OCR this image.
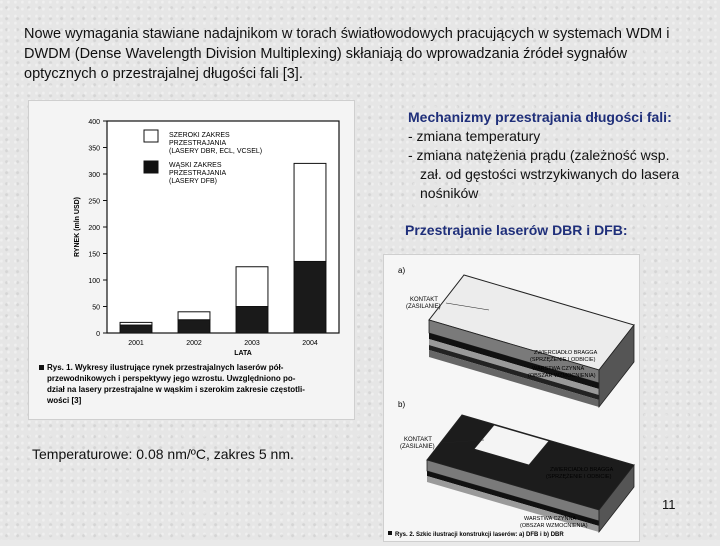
Nowe wymagania stawiane nadajnikom w torach światłowodowych pracujących w systemach WDM i DWDM (Dense Wavelength Division Multiplexing) skłaniają do wprowadzania źródeł sygnałów optycznych o przestrajalnej długości fali [3].
0
50
100
150
200
250
300
350
400
RYNEK (mln USD)
LATA
2001	2002	2003	2004
SZEROKI ZAKRES
PRZESTRAJANIA
(LASERY DBR, ECL, VCSEL)
WĄSKI ZAKRES
PRZESTRAJANIA
(LASERY DFB)
Rys. 1. Wykresy ilustrujące rynek przestrajalnych laserów pół-
przewodnikowych i perspektywy jego wzrostu. Uwzględniono po-
dział na lasery przestrajalne w wąskim i szerokim zakresie częstotli-
wości [3]
a)
KONTAKT
(ZASILANIE)
ZWIERCIADŁO BRAGGA
(SPRZĘŻENIE I ODBICIE)
WARSTWA CZYNNA
(OBSZAR WZMOCNIENIA)
b)
KONTAKT
(ZASILANIE)
ZWIERCIADŁO BRAGGA
(SPRZĘŻENIE I ODBICIE)
WARSTWA CZYNNA
(OBSZAR WZMOCNIENIA)
Rys. 2. Szkic ilustracji konstrukcji laserów: a) DFB i b) DBR
Mechanizmy przestrajania długości fali:
- zmiana temperatury
- zmiana natężenia prądu (zależność wsp.
zał. od gęstości wstrzykiwanych do lasera
nośników
Przestrajanie laserów DBR i DFB:
Temperaturowe: 0.08 nm/ºC, zakres 5 nm.
11
